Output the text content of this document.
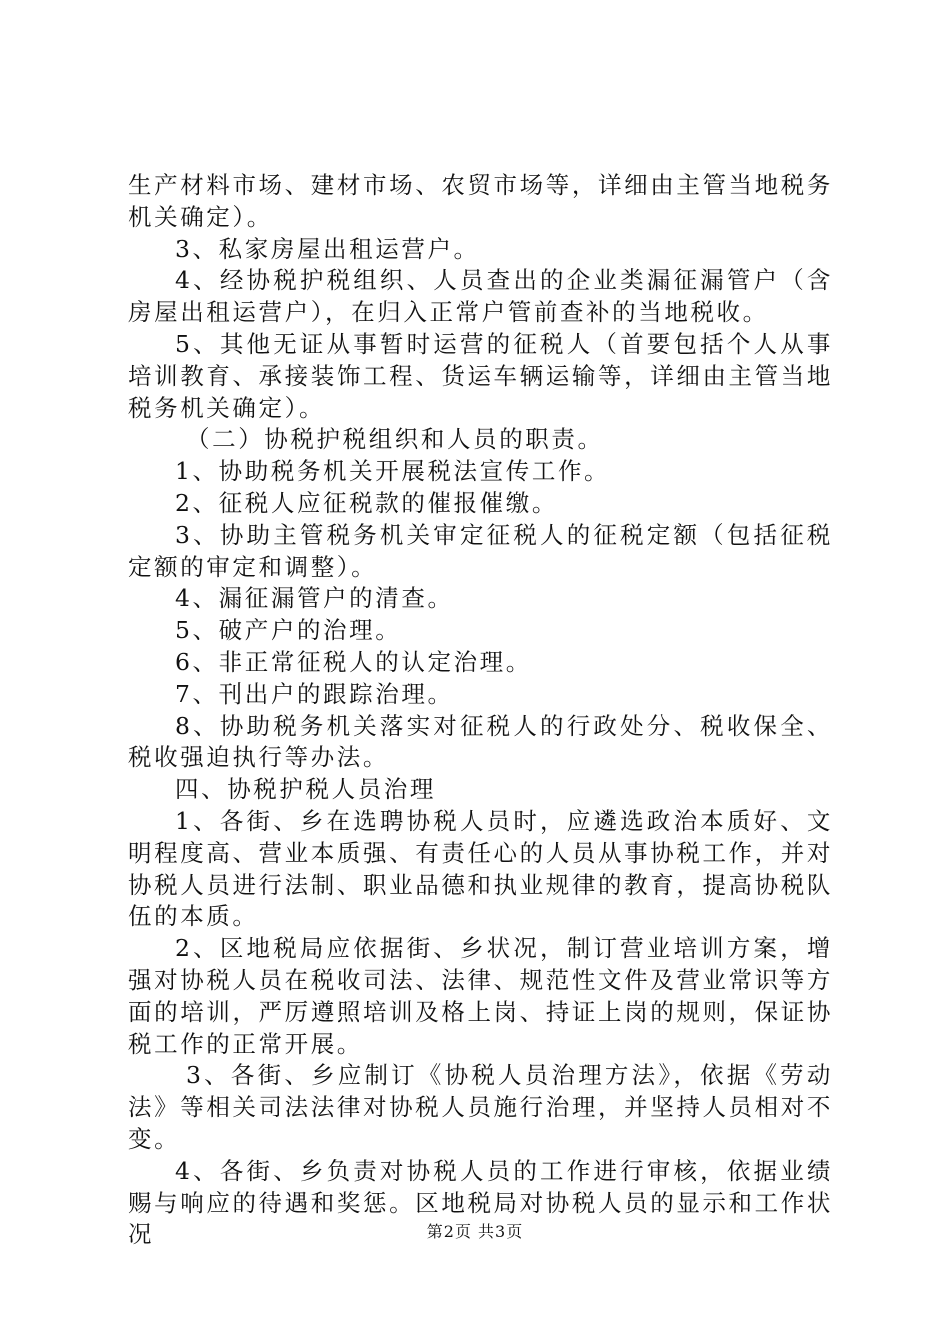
生产材料市场、建材市场、农贸市场等，详细由主管当地税务机关确定）。

3、私家房屋出租运营户。

4、经协税护税组织、人员查出的企业类漏征漏管户（含房屋出租运营户），在归入正常户管前查补的当地税收。

5、其他无证从事暂时运营的征税人（首要包括个人从事培训教育、承接装饰工程、货运车辆运输等，详细由主管当地税务机关确定）。

（二）协税护税组织和人员的职责。

1、协助税务机关开展税法宣传工作。

2、征税人应征税款的催报催缴。

3、协助主管税务机关审定征税人的征税定额（包括征税定额的审定和调整）。

4、漏征漏管户的清查。

5、破产户的治理。

6、非正常征税人的认定治理。

7、刊出户的跟踪治理。

8、协助税务机关落实对征税人的行政处分、税收保全、税收强迫执行等办法。

四、协税护税人员治理

1、各街、乡在选聘协税人员时，应遴选政治本质好、文明程度高、营业本质强、有责任心的人员从事协税工作，并对协税人员进行法制、职业品德和执业规律的教育，提高协税队伍的本质。

2、区地税局应依据街、乡状况，制订营业培训方案，增强对协税人员在税收司法、法律、规范性文件及营业常识等方面的培训，严厉遵照培训及格上岗、持证上岗的规则，保证协税工作的正常开展。

3、各街、乡应制订《协税人员治理方法》，依据《劳动法》等相关司法法律对协税人员施行治理，并坚持人员相对不变。

4、各街、乡负责对协税人员的工作进行审核，依据业绩赐与响应的待遇和奖惩。区地税局对协税人员的显示和工作状况	第2页 共3页
